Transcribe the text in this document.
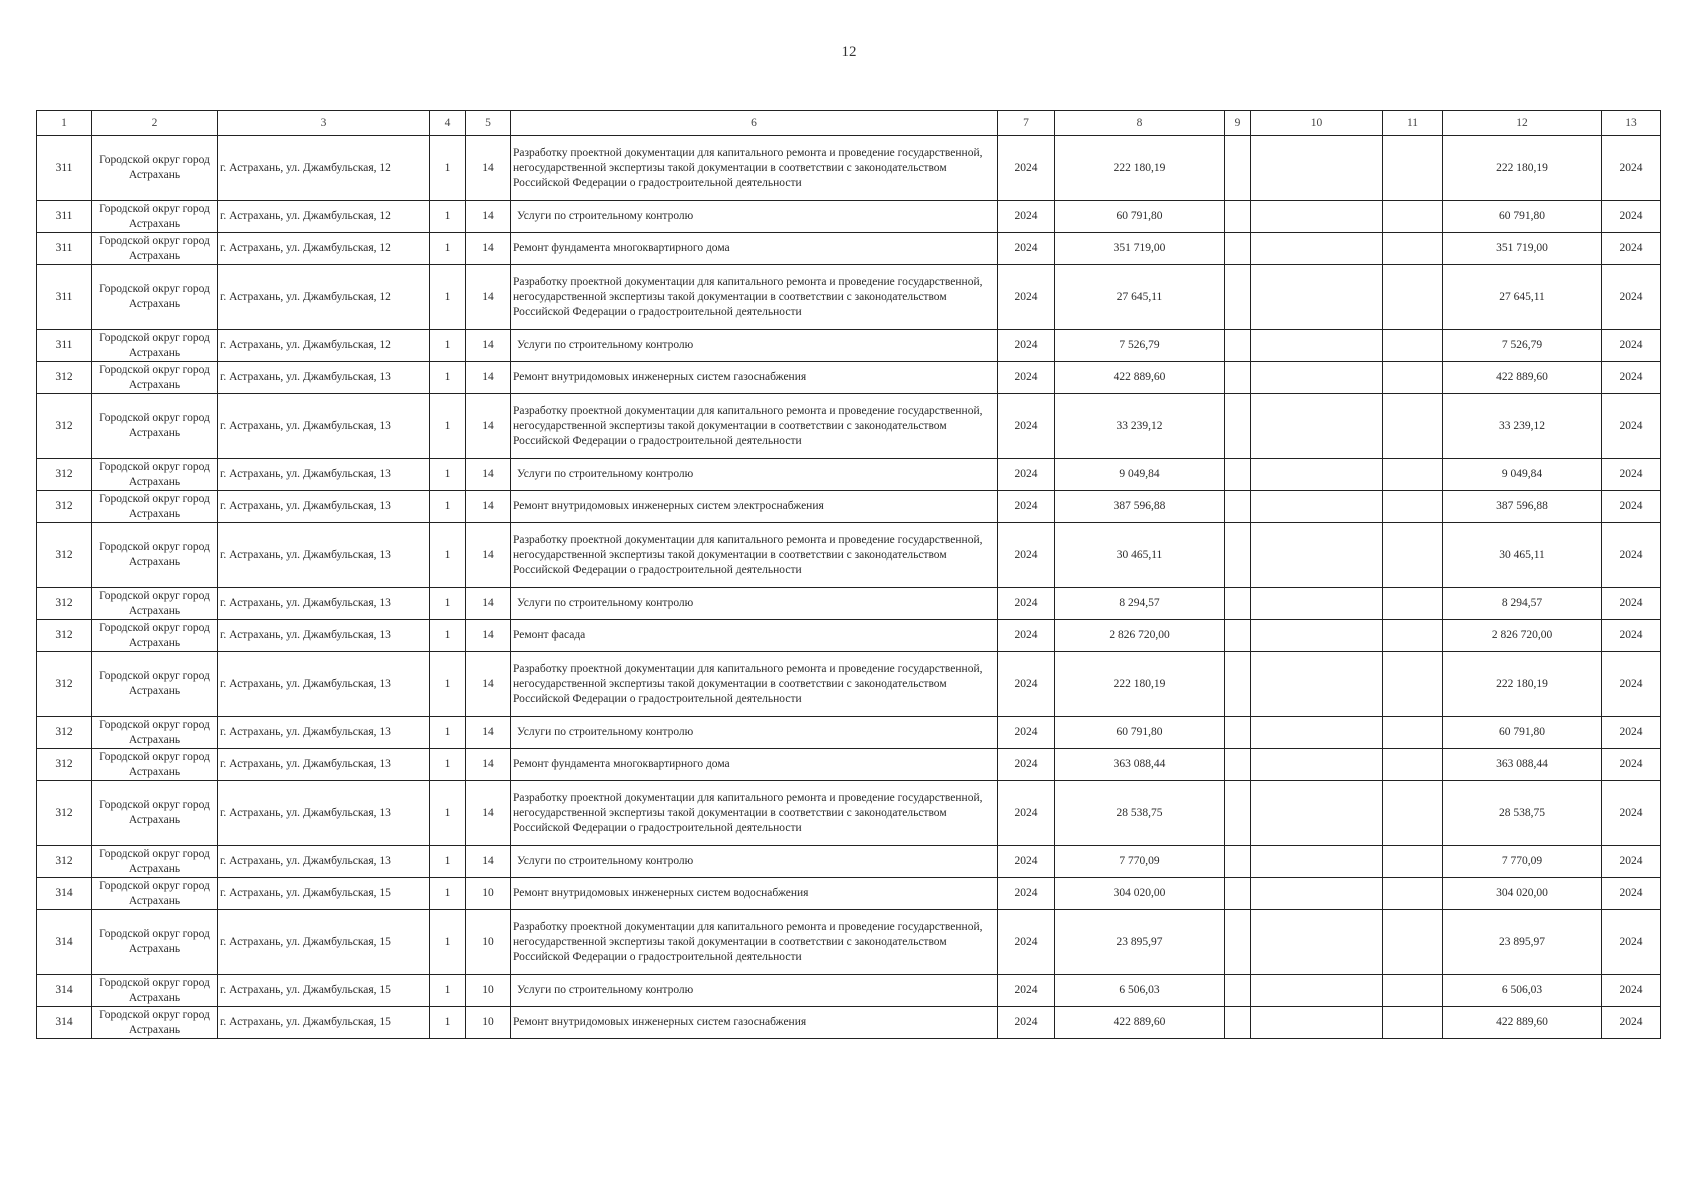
12
1	2	3	4	5	6	7	8	9	10	11	12	13
311	Городской округ город Астрахань	г. Астрахань, ул. Джамбульская, 12	1	14	Разработку проектной документации для капитального ремонта и проведение государственной, негосударственной экспертизы такой документации в соответствии с законодательством Российской Федерации о градостроительной деятельности	2024	222 180,19				222 180,19	2024
311	Городской округ город Астрахань	г. Астрахань, ул. Джамбульская, 12	1	14	Услуги по строительному контролю	2024	60 791,80				60 791,80	2024
311	Городской округ город Астрахань	г. Астрахань, ул. Джамбульская, 12	1	14	Ремонт фундамента многоквартирного дома	2024	351 719,00				351 719,00	2024
311	Городской округ город Астрахань	г. Астрахань, ул. Джамбульская, 12	1	14	Разработку проектной документации для капитального ремонта и проведение государственной, негосударственной экспертизы такой документации в соответствии с законодательством Российской Федерации о градостроительной деятельности	2024	27 645,11				27 645,11	2024
311	Городской округ город Астрахань	г. Астрахань, ул. Джамбульская, 12	1	14	Услуги по строительному контролю	2024	7 526,79				7 526,79	2024
312	Городской округ город Астрахань	г. Астрахань, ул. Джамбульская, 13	1	14	Ремонт внутридомовых инженерных систем газоснабжения	2024	422 889,60				422 889,60	2024
312	Городской округ город Астрахань	г. Астрахань, ул. Джамбульская, 13	1	14	Разработку проектной документации для капитального ремонта и проведение государственной, негосударственной экспертизы такой документации в соответствии с законодательством Российской Федерации о градостроительной деятельности	2024	33 239,12				33 239,12	2024
312	Городской округ город Астрахань	г. Астрахань, ул. Джамбульская, 13	1	14	Услуги по строительному контролю	2024	9 049,84				9 049,84	2024
312	Городской округ город Астрахань	г. Астрахань, ул. Джамбульская, 13	1	14	Ремонт внутридомовых инженерных систем электроснабжения	2024	387 596,88				387 596,88	2024
312	Городской округ город Астрахань	г. Астрахань, ул. Джамбульская, 13	1	14	Разработку проектной документации для капитального ремонта и проведение государственной, негосударственной экспертизы такой документации в соответствии с законодательством Российской Федерации о градостроительной деятельности	2024	30 465,11				30 465,11	2024
312	Городской округ город Астрахань	г. Астрахань, ул. Джамбульская, 13	1	14	Услуги по строительному контролю	2024	8 294,57				8 294,57	2024
312	Городской округ город Астрахань	г. Астрахань, ул. Джамбульская, 13	1	14	Ремонт фасада	2024	2 826 720,00				2 826 720,00	2024
312	Городской округ город Астрахань	г. Астрахань, ул. Джамбульская, 13	1	14	Разработку проектной документации для капитального ремонта и проведение государственной, негосударственной экспертизы такой документации в соответствии с законодательством Российской Федерации о градостроительной деятельности	2024	222 180,19				222 180,19	2024
312	Городской округ город Астрахань	г. Астрахань, ул. Джамбульская, 13	1	14	Услуги по строительному контролю	2024	60 791,80				60 791,80	2024
312	Городской округ город Астрахань	г. Астрахань, ул. Джамбульская, 13	1	14	Ремонт фундамента многоквартирного дома	2024	363 088,44				363 088,44	2024
312	Городской округ город Астрахань	г. Астрахань, ул. Джамбульская, 13	1	14	Разработку проектной документации для капитального ремонта и проведение государственной, негосударственной экспертизы такой документации в соответствии с законодательством Российской Федерации о градостроительной деятельности	2024	28 538,75				28 538,75	2024
312	Городской округ город Астрахань	г. Астрахань, ул. Джамбульская, 13	1	14	Услуги по строительному контролю	2024	7 770,09				7 770,09	2024
314	Городской округ город Астрахань	г. Астрахань, ул. Джамбульская, 15	1	10	Ремонт внутридомовых инженерных систем водоснабжения	2024	304 020,00				304 020,00	2024
314	Городской округ город Астрахань	г. Астрахань, ул. Джамбульская, 15	1	10	Разработку проектной документации для капитального ремонта и проведение государственной, негосударственной экспертизы такой документации в соответствии с законодательством Российской Федерации о градостроительной деятельности	2024	23 895,97				23 895,97	2024
314	Городской округ город Астрахань	г. Астрахань, ул. Джамбульская, 15	1	10	Услуги по строительному контролю	2024	6 506,03				6 506,03	2024
314	Городской округ город Астрахань	г. Астрахань, ул. Джамбульская, 15	1	10	Ремонт внутридомовых инженерных систем газоснабжения	2024	422 889,60				422 889,60	2024
